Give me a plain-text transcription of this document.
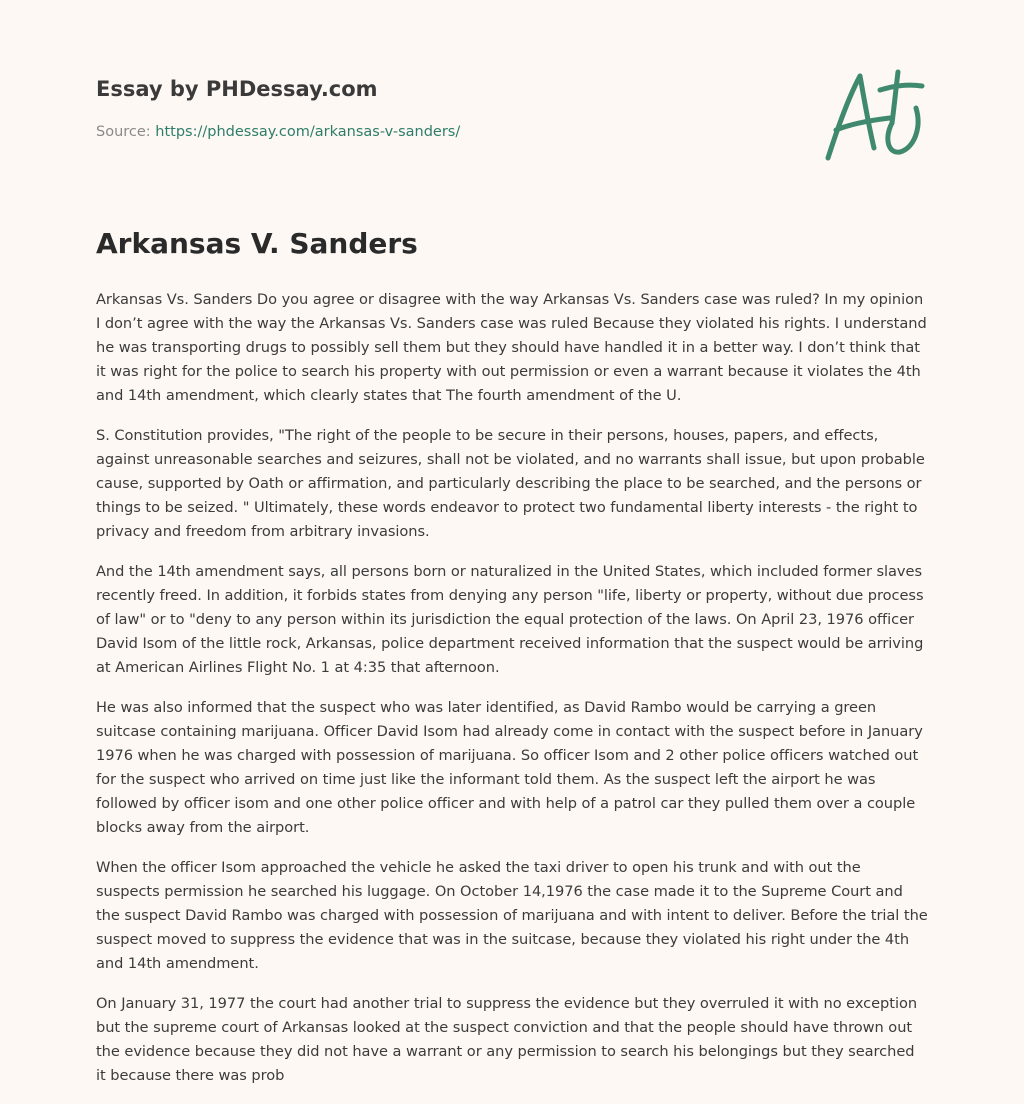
Essay by PHDessay.com
Source: https://phdessay.com/arkansas-v-sanders/
Arkansas V. Sanders

Arkansas Vs. Sanders Do you agree or disagree with the way Arkansas Vs. Sanders case was ruled? In my opinion I don’t agree with the way the Arkansas Vs. Sanders case was ruled Because they violated his rights. I understand he was transporting drugs to possibly sell them but they should have handled it in a better way. I don’t think that it was right for the police to search his property with out permission or even a warrant because it violates the 4th and 14th amendment, which clearly states that The fourth amendment of the U.

S. Constitution provides, "The right of the people to be secure in their persons, houses, papers, and effects, against unreasonable searches and seizures, shall not be violated, and no warrants shall issue, but upon probable cause, supported by Oath or affirmation, and particularly describing the place to be searched, and the persons or things to be seized. " Ultimately, these words endeavor to protect two fundamental liberty interests - the right to privacy and freedom from arbitrary invasions.

And the 14th amendment says, all persons born or naturalized in the United States, which included former slaves recently freed. In addition, it forbids states from denying any person "life, liberty or property, without due process of law" or to "deny to any person within its jurisdiction the equal protection of the laws. On April 23, 1976 officer David Isom of the little rock, Arkansas, police department received information that the suspect would be arriving at American Airlines Flight No. 1 at 4:35 that afternoon.

He was also informed that the suspect who was later identified, as David Rambo would be carrying a green suitcase containing marijuana. Officer David Isom had already come in contact with the suspect before in January 1976 when he was charged with possession of marijuana. So officer Isom and 2 other police officers watched out for the suspect who arrived on time just like the informant told them. As the suspect left the airport he was followed by officer isom and one other police officer and with help of a patrol car they pulled them over a couple blocks away from the airport.

When the officer Isom approached the vehicle he asked the taxi driver to open his trunk and with out the suspects permission he searched his luggage. On October 14,1976 the case made it to the Supreme Court and the suspect David Rambo was charged with possession of marijuana and with intent to deliver. Before the trial the suspect moved to suppress the evidence that was in the suitcase, because they violated his right under the 4th and 14th amendment.

On January 31, 1977 the court had another trial to suppress the evidence but they overruled it with no exception but the supreme court of Arkansas looked at the suspect conviction and that the people should have thrown out the evidence because they did not have a warrant or any permission to search his belongings but they searched it because there was prob
